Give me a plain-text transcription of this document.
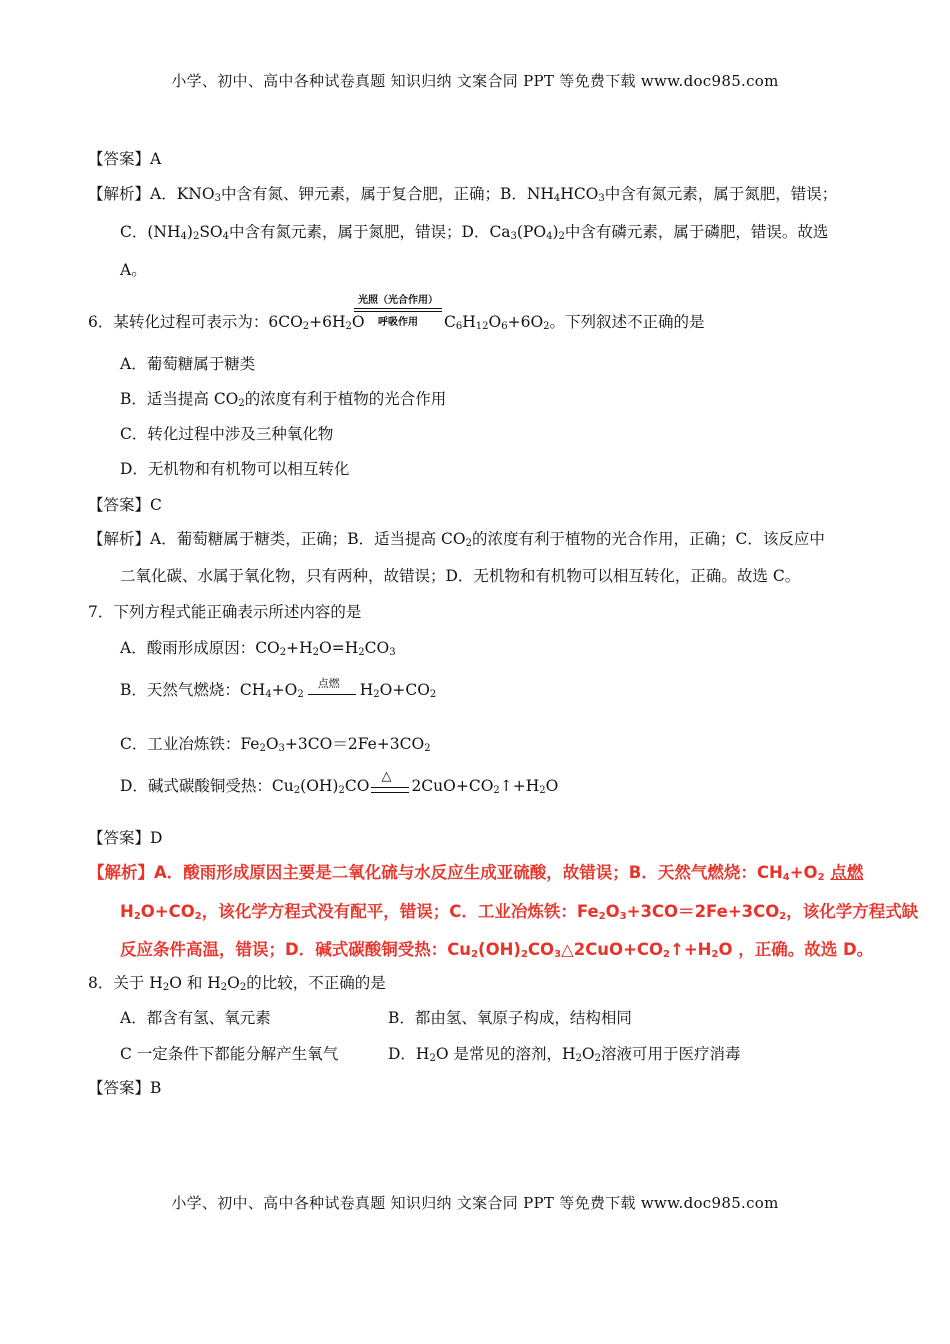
小学、初中、高中各种试卷真题 知识归纳 文案合同 PPT 等免费下载 www.doc985.com
【答案】A
【解析】A．$KNO_3$中含有氮、钾元素，属于复合肥，正确；B．$NH_4HCO_3$中含有氮元素，属于氮肥，错误；
C．$(NH_4)_2SO_4$中含有氮元素，属于氮肥，错误；D．$Ca_3(PO_4)_2$中含有磷元素，属于磷肥，错误。故选
A。
6．某转化过程可表示为：$6CO_2+6H_2O$
光照（光合作用）
呼吸作用	$C_6H_{12}O_6+6O_2$。下列叙述不正确的是
A．葡萄糖属于糖类
B．适当提高 $CO_2$的浓度有利于植物的光合作用
C．转化过程中涉及三种氧化物
D．无机物和有机物可以相互转化
【答案】C
【解析】A．葡萄糖属于糖类，正确；B．适当提高 $CO_2$的浓度有利于植物的光合作用，正确；C．该反应中
二氧化碳、水属于氧化物，只有两种，故错误；D．无机物和有机物可以相互转化，正确。故选 C。
7．下列方程式能正确表示所述内容的是
A．酸雨形成原因：$CO_2+H_2O=H_2CO_3$
B．天然气燃烧：$CH_4+O_2$
点燃 $H_2O+CO_2$
C．工业冶炼铁：$Fe_2O_3+3CO=2Fe+3CO_2$
D．碱式碳酸铜受热：$Cu_2(OH)_2CO$
△
$2CuO+CO_2↑+H_2O$
【答案】D
【解析】A．酸雨形成原因主要是二氧化硫与水反应生成亚硫酸，故错误；B．天然气燃烧：$CH_4+O_2$ 点燃
$H_2O+CO_2$，该化学方程式没有配平，错误；C．工业冶炼铁：$Fe_2O_3+3CO=2Fe+3CO_2$，该化学方程式缺
反应条件高温，错误；D．碱式碳酸铜受热：$Cu_2(OH)_2CO_3\triangle 2CuO+CO_2↑+H_2O$ ，正确。故选 D。
8．关于 $H_2O$ 和 $H_2O_2$的比较，不正确的是
A．都含有氢、氧元素	B．都由氢、氧原子构成，结构相同
C 一定条件下都能分解产生氧气	D．$H_2O$ 是常见的溶剂，$H_2O_2$溶液可用于医疗消毒
【答案】B
小学、初中、高中各种试卷真题 知识归纳 文案合同 PPT 等免费下载 www.doc985.com
